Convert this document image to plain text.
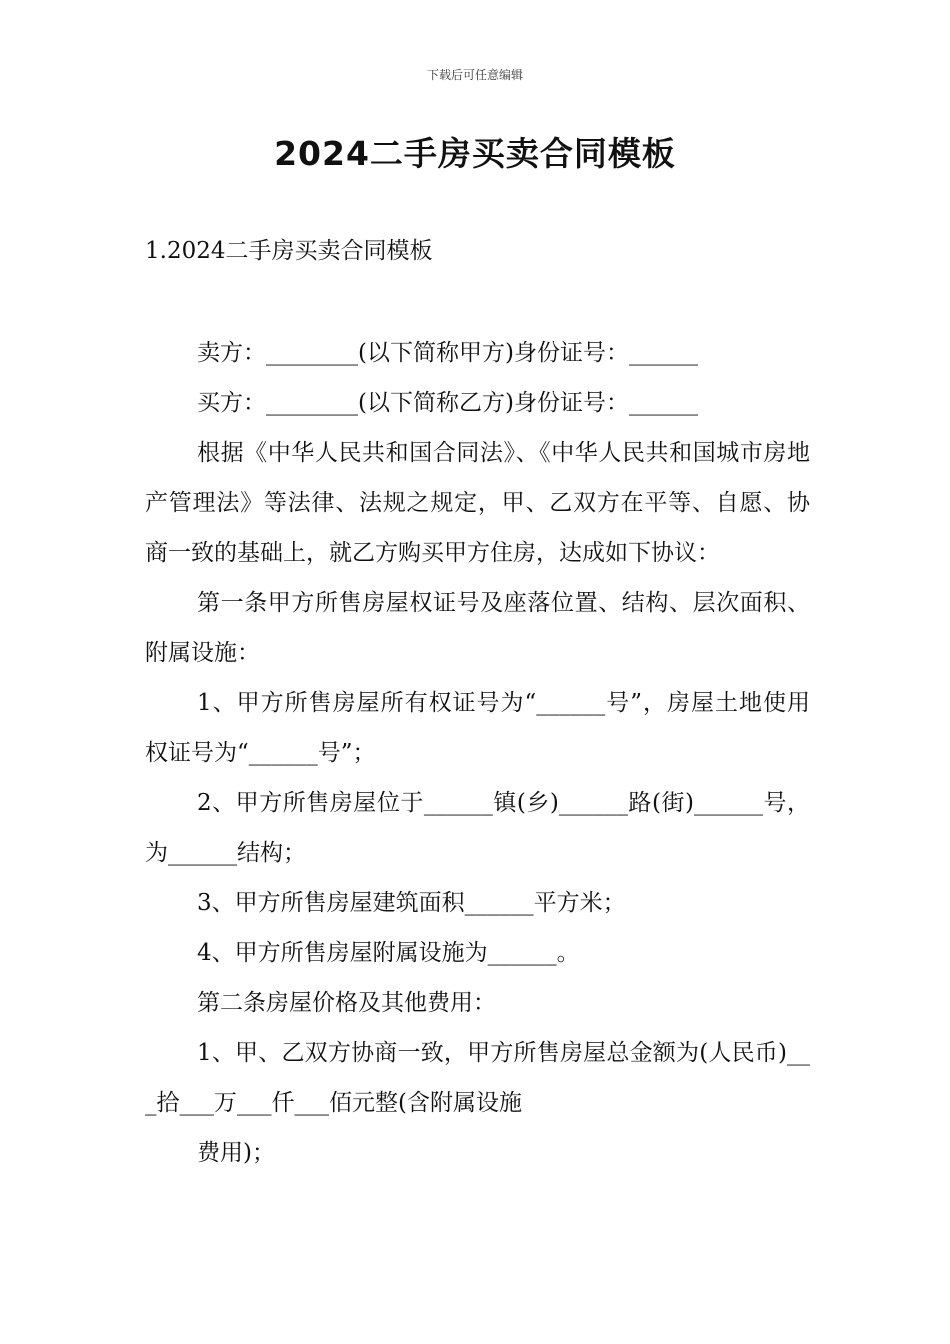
下载后可任意编辑
2024二手房买卖合同模板
1.2024二手房买卖合同模板

卖方：________(以下简称甲方)身份证号：______

买方：________(以下简称乙方)身份证号：______

根据《中华人民共和国合同法》、《中华人民共和国城市房地产管理法》等法律、法规之规定，甲、乙双方在平等、自愿、协商一致的基础上，就乙方购买甲方住房，达成如下协议：

第一条甲方所售房屋权证号及座落位置、结构、层次面积、附属设施：

1、甲方所售房屋所有权证号为“______号”，房屋土地使用权证号为“______号”；

2、甲方所售房屋位于______镇(乡)______路(街)______号，为______结构；

3、甲方所售房屋建筑面积______平方米；

4、甲方所售房屋附属设施为______。

第二条房屋价格及其他费用：

1、甲、乙双方协商一致，甲方所售房屋总金额为(人民币)___拾___万___仟___佰元整(含附属设施

费用)；
